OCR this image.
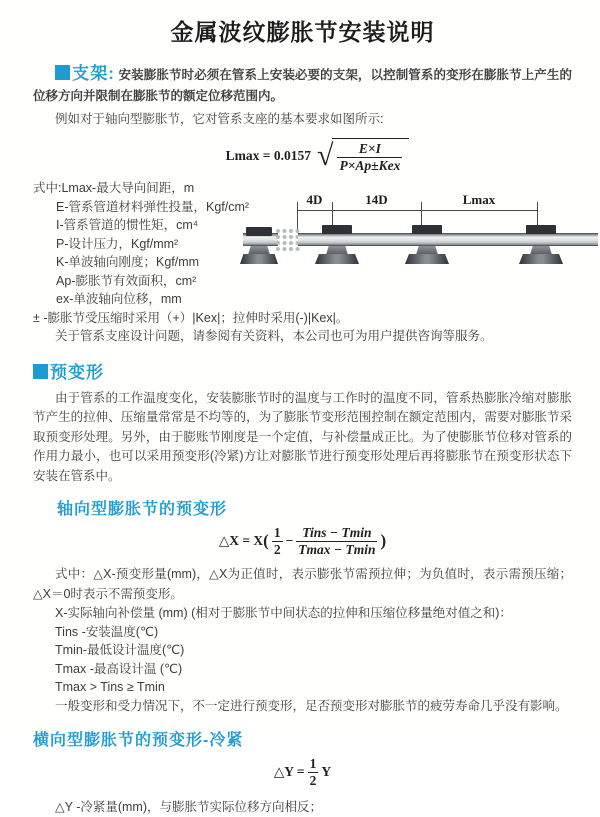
金属波纹膨胀节安装说明

支架: 安装膨胀节时必须在管系上安装必要的支架，以控制管系的变形在膨胀节上产生的位移方向并限制在膨胀节的额定位移范围内。

例如对于轴向型膨胀节，它对管系支座的基本要求如图所示:

Lmax = 0.0157 √ $\frac{E\times I}{\text{P×Ap±Kex}}$
式中:Lmax-最大导向间距，m
E-管系管道材料弹性投量，Kgf/cm²
I-管系管道的惯性矩，cm⁴
P-设计压力，Kgf/mm²
K-单波轴向刚度；Kgf/mm
Ap-膨胀节有效面积，cm²
ex-单波轴向位移，mm
± -膨胀节受压缩时采用（+）|Kex|；拉伸时采用(-)|Kex|。
关于管系支座设计问题，请参阅有关资料，本公司也可为用户提供咨询等服务。
4D	14D	Lmax
预变形

由于管系的工作温度变化，安装膨胀节时的温度与工作时的温度不同，管系热膨胀冷缩对膨胀节产生的拉伸、压缩量常常是不均等的，为了膨胀节变形范围控制在额定范围内，需要对膨胀节采取预变形处理。另外，由于膨账节刚度是一个定值，与补偿量成正比。为了使膨胀节位移对管系的作用力最小，也可以采用预变形(冷紧)方让对膨胀节进行预变形处理后再将膨胀节在预变形状态下安装在管系中。

轴向型膨胀节的预变形
△X = X ( $\frac{1}{2} - \frac{\text{Tins − Tmin}}{Tmax - Tmin}$ )

式中：△X-预变形量(mm)，△X为正值时，表示膨张节需预拉伸；为负值时，表示需预压缩；△X＝0时表示不需预变形。

X-实际轴向补偿量 (mm) (相对于膨胀节中间状态的拉伸和压缩位移量绝对值之和)：
Tins -安装温度(℃)
Tmin-最低设计温度(℃)
Tmax -最高设计温 (℃)
Tmax > Tins ≥ Tmin
一般变形和受力情况下，不一定进行预变形，足否预变形对膨胀节的疲劳寿命几乎没有影响。
横向型膨胀节的预变形-冷紧
△Y = $\frac{1}{2}$ Y
△Y -冷紧量(mm)，与膨胀节实际位移方向相反；
